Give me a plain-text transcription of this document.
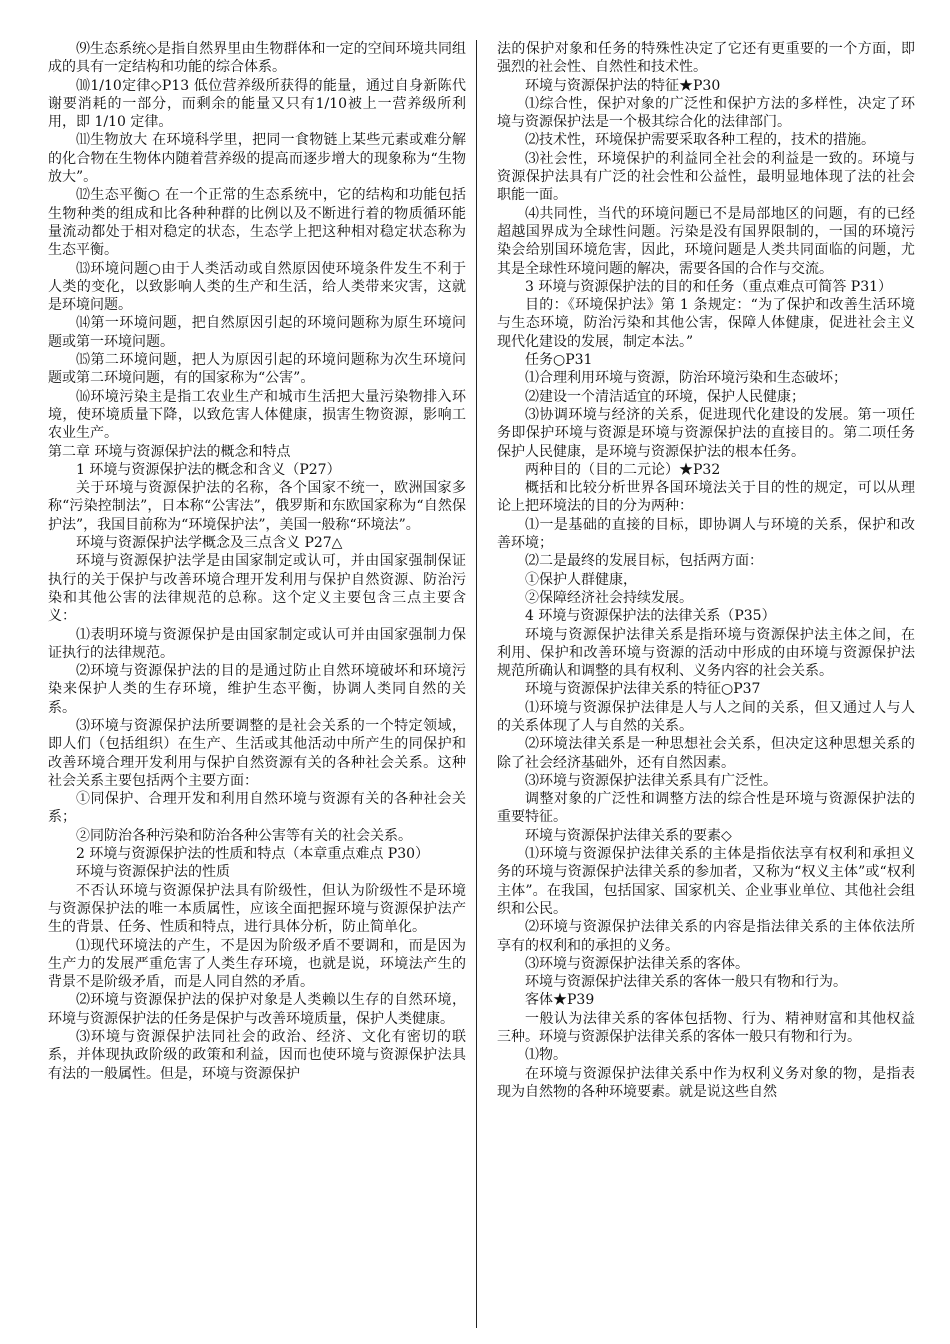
⑼生态系统◇是指自然界里由生物群体和一定的空间环境共同组成的具有一定结构和功能的综合体系。

⑽1/10定律◇P13 低位营养级所获得的能量，通过自身新陈代谢要消耗的一部分，而剩余的能量又只有1/10被上一营养级所利用，即 1/10 定律。

⑾生物放大 在环境科学里，把同一食物链上某些元素或难分解的化合物在生物体内随着营养级的提高而逐步增大的现象称为“生物放大”。

⑿生态平衡○ 在一个正常的生态系统中，它的结构和功能包括生物种类的组成和比各种种群的比例以及不断进行着的物质循环能量流动都处于相对稳定的状态，生态学上把这种相对稳定状态称为生态平衡。

⒀环境问题○由于人类活动或自然原因使环境条件发生不利于人类的变化，以致影响人类的生产和生活，给人类带来灾害，这就是环境问题。

⒁第一环境问题，把自然原因引起的环境问题称为原生环境问题或第一环境问题。

⒂第二环境问题，把人为原因引起的环境问题称为次生环境问题或第二环境问题，有的国家称为“公害”。

⒃环境污染主是指工农业生产和城市生活把大量污染物排入环境，使环境质量下降，以致危害人体健康，损害生物资源，影响工农业生产。

第二章 环境与资源保护法的概念和特点

1 环境与资源保护法的概念和含义（P27）

关于环境与资源保护法的名称，各个国家不统一，欧洲国家多称“污染控制法”，日本称“公害法”，俄罗斯和东欧国家称为“自然保护法”，我国目前称为“环境保护法”，美国一般称“环境法”。

环境与资源保护法学概念及三点含义 P27△

环境与资源保护法学是由国家制定或认可，并由国家强制保证执行的关于保护与改善环境合理开发利用与保护自然资源、防治污染和其他公害的法律规范的总称。这个定义主要包含三点主要含义：

⑴表明环境与资源保护是由国家制定或认可并由国家强制力保证执行的法律规范。

⑵环境与资源保护法的目的是通过防止自然环境破坏和环境污染来保护人类的生存环境，维护生态平衡，协调人类同自然的关系。

⑶环境与资源保护法所要调整的是社会关系的一个特定领域，即人们（包括组织）在生产、生活或其他活动中所产生的同保护和改善环境合理开发利用与保护自然资源有关的各种社会关系。这种社会关系主要包括两个主要方面：

①同保护、合理开发和利用自然环境与资源有关的各种社会关系；

②同防治各种污染和防治各种公害等有关的社会关系。

2 环境与资源保护法的性质和特点（本章重点难点 P30）

环境与资源保护法的性质

不否认环境与资源保护法具有阶级性，但认为阶级性不是环境与资源保护法的唯一本质属性，应该全面把握环境与资源保护法产生的背景、任务、性质和特点，进行具体分析，防止简单化。

⑴现代环境法的产生，不是因为阶级矛盾不要调和，而是因为生产力的发展严重危害了人类生存环境，也就是说，环境法产生的背景不是阶级矛盾，而是人同自然的矛盾。

⑵环境与资源保护法的保护对象是人类赖以生存的自然环境，环境与资源保护法的任务是保护与改善环境质量，保护人类健康。

⑶环境与资源保护法同社会的政治、经济、文化有密切的联系，并体现执政阶级的政策和利益，因而也使环境与资源保护法具有法的一般属性。但是，环境与资源保护

法的保护对象和任务的特殊性决定了它还有更重要的一个方面，即强烈的社会性、自然性和技术性。

环境与资源保护法的特征★P30

⑴综合性，保护对象的广泛性和保护方法的多样性，决定了环境与资源保护法是一个极其综合化的法律部门。

⑵技术性，环境保护需要采取各种工程的，技术的措施。

⑶社会性，环境保护的利益同全社会的利益是一致的。环境与资源保护法具有广泛的社会性和公益性，最明显地体现了法的社会职能一面。

⑷共同性，当代的环境问题已不是局部地区的问题，有的已经超越国界成为全球性问题。污染是没有国界限制的，一国的环境污染会给别国环境危害，因此，环境问题是人类共同面临的问题，尤其是全球性环境问题的解决，需要各国的合作与交流。

3 环境与资源保护法的目的和任务（重点难点可简答 P31）

目的：《环境保护法》第 1 条规定：“为了保护和改善生活环境与生态环境，防治污染和其他公害，保障人体健康，促进社会主义现代化建设的发展，制定本法。”

任务○P31

⑴合理利用环境与资源，防治环境污染和生态破坏；

⑵建设一个清洁适宜的环境，保护人民健康；

⑶协调环境与经济的关系，促进现代化建设的发展。第一项任务即保护环境与资源是环境与资源保护法的直接目的。第二项任务保护人民健康，是环境与资源保护法的根本任务。

两种目的（目的二元论）★P32

概括和比较分析世界各国环境法关于目的性的规定，可以从理论上把环境法的目的分为两种：

⑴一是基础的直接的目标，即协调人与环境的关系，保护和改善环境；

⑵二是最终的发展目标，包括两方面：

①保护人群健康，

②保障经济社会持续发展。

4 环境与资源保护法的法律关系（P35）

环境与资源保护法律关系是指环境与资源保护法主体之间，在利用、保护和改善环境与资源的活动中形成的由环境与资源保护法规范所确认和调整的具有权利、义务内容的社会关系。

环境与资源保护法律关系的特征○P37

⑴环境与资源保护法律是人与人之间的关系，但又通过人与人的关系体现了人与自然的关系。

⑵环境法律关系是一种思想社会关系，但决定这种思想关系的除了社会经济基础外，还有自然因素。

⑶环境与资源保护法律关系具有广泛性。

调整对象的广泛性和调整方法的综合性是环境与资源保护法的重要特征。

环境与资源保护法律关系的要素◇

⑴环境与资源保护法律关系的主体是指依法享有权利和承担义务的环境与资源保护法律关系的参加者，又称为“权义主体”或“权利主体”。在我国，包括国家、国家机关、企业事业单位、其他社会组织和公民。

⑵环境与资源保护法律关系的内容是指法律关系的主体依法所享有的权利和的承担的义务。

⑶环境与资源保护法律关系的客体。

环境与资源保护法律关系的客体一般只有物和行为。

客体★P39

一般认为法律关系的客体包括物、行为、精神财富和其他权益三种。环境与资源保护法律关系的客体一般只有物和行为。

⑴物。

在环境与资源保护法律关系中作为权利义务对象的物，是指表现为自然物的各种环境要素。就是说这些自然
